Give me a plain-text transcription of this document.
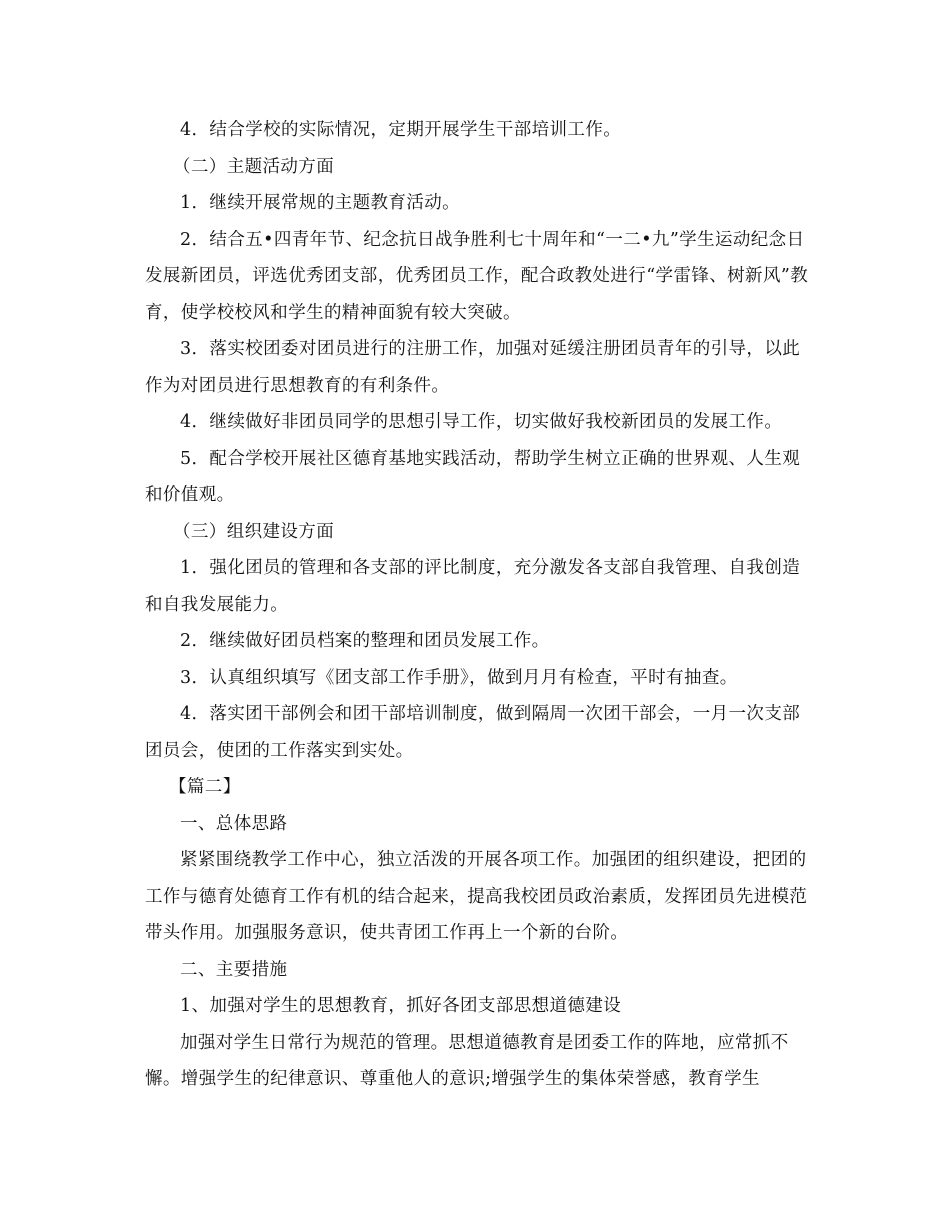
4．结合学校的实际情况，定期开展学生干部培训工作。

（二）主题活动方面

1．继续开展常规的主题教育活动。

2．结合五•四青年节、纪念抗日战争胜利七十周年和“一二•九”学生运动纪念日发展新团员，评选优秀团支部，优秀团员工作，配合政教处进行“学雷锋、树新风”教育，使学校校风和学生的精神面貌有较大突破。

3．落实校团委对团员进行的注册工作，加强对延缓注册团员青年的引导，以此作为对团员进行思想教育的有利条件。

4．继续做好非团员同学的思想引导工作，切实做好我校新团员的发展工作。

5．配合学校开展社区德育基地实践活动，帮助学生树立正确的世界观、人生观和价值观。

（三）组织建设方面

1．强化团员的管理和各支部的评比制度，充分激发各支部自我管理、自我创造和自我发展能力。

2．继续做好团员档案的整理和团员发展工作。

3．认真组织填写《团支部工作手册》，做到月月有检查，平时有抽查。

4．落实团干部例会和团干部培训制度，做到隔周一次团干部会，一月一次支部团员会，使团的工作落实到实处。

【篇二】

一、总体思路

紧紧围绕教学工作中心，独立活泼的开展各项工作。加强团的组织建设，把团的工作与德育处德育工作有机的结合起来，提高我校团员政治素质，发挥团员先进模范带头作用。加强服务意识，使共青团工作再上一个新的台阶。

二、主要措施

1、加强对学生的思想教育，抓好各团支部思想道德建设

加强对学生日常行为规范的管理。思想道德教育是团委工作的阵地，应常抓不懈。增强学生的纪律意识、尊重他人的意识;增强学生的集体荣誉感，教育学生
